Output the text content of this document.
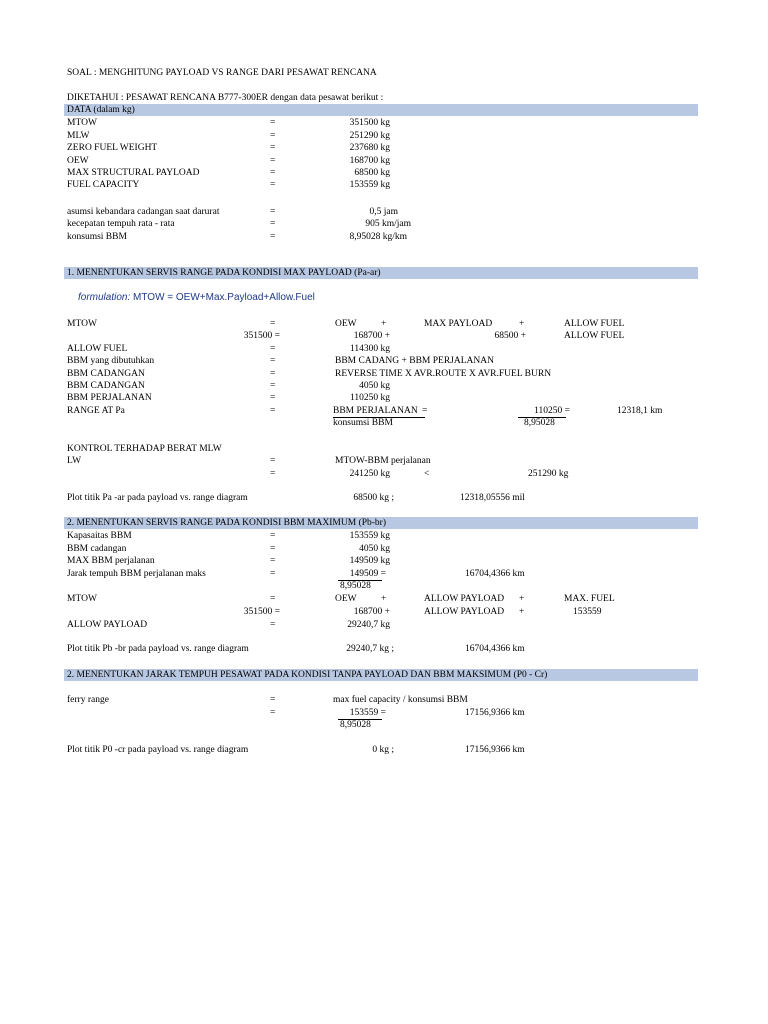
SOAL : MENGHITUNG PAYLOAD VS RANGE DARI PESAWAT RENCANA
DIKETAHUI : PESAWAT RENCANA B777-300ER dengan data pesawat berikut :
DATA (dalam kg)
MTOW	=	351500 kg
MLW	=	251290 kg
ZERO FUEL WEIGHT	=	237680 kg
OEW	=	168700 kg
MAX STRUCTURAL PAYLOAD	=	68500 kg
FUEL CAPACITY	=	153559 kg
asumsi kebandara cadangan saat darurat	=	0,5 jam
kecepatan tempuh rata - rata	=	905 km/jam
konsumsi BBM	=	8,95028 kg/km
1. MENENTUKAN SERVIS RANGE PADA KONDISI MAX PAYLOAD (Pa-ar)
formulation: MTOW = OEW+Max.Payload+Allow.Fuel
MTOW	=	OEW	+	MAX PAYLOAD	+	ALLOW FUEL
351500 =	168700 +	68500 +	ALLOW FUEL
ALLOW FUEL	=	114300 kg
BBM yang dibutuhkan	=	BBM CADANG + BBM PERJALANAN
BBM CADANGAN	=	REVERSE TIME X AVR.ROUTE X AVR.FUEL BURN
BBM CADANGAN	=	4050 kg
BBM PERJALANAN	=	110250 kg
RANGE AT Pa	=	BBM PERJALANAN =
konsumsi BBM
110250 =
8,95028
12318,1 km
KONTROL TERHADAP BERAT MLW
LW	=	MTOW-BBM perjalanan
=	241250 kg	<	251290 kg
Plot titik Pa -ar pada payload vs. range diagram	68500 kg ;	12318,05556 mil
2. MENENTUKAN SERVIS RANGE PADA KONDISI BBM MAXIMUM (Pb-br)
Kapasaitas BBM	=	153559 kg
BBM cadangan	=	4050 kg
MAX BBM perjalanan	=	149509 kg
Jarak tempuh BBM perjalanan maks	=	149509 =
8,95028
16704,4366 km
MTOW	=	OEW	+	ALLOW PAYLOAD +	MAX. FUEL
351500 =	168700 +	ALLOW PAYLOAD +	153559
ALLOW PAYLOAD	=	29240,7 kg
Plot titik Pb -br pada payload vs. range diagram	29240,7 kg ;	16704,4366 km
2. MENENTUKAN JARAK TEMPUH PESAWAT PADA KONDISI TANPA PAYLOAD DAN BBM MAKSIMUM (P0 - Cr)
ferry range	=	max fuel capacity / konsumsi BBM
=	153559 =
8,95028
17156,9366 km
Plot titik P0 -cr pada payload vs. range diagram	0 kg ;	17156,9366 km
